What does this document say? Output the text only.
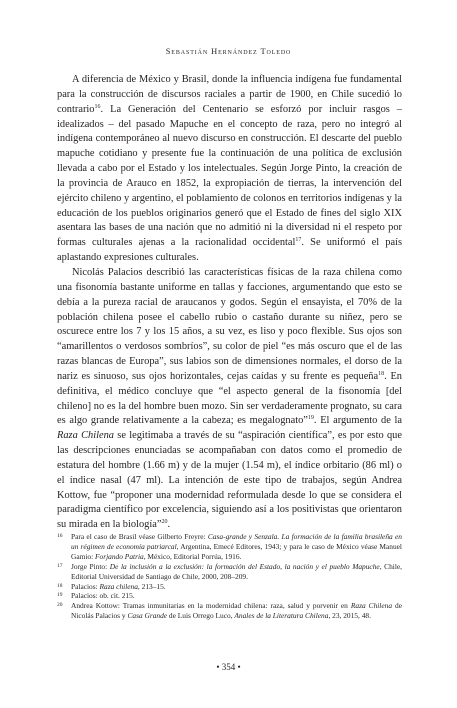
Sebastián Hernández Toledo

A diferencia de México y Brasil, donde la influencia indígena fue fundamental para la construcción de discursos raciales a partir de 1900, en Chile sucedió lo contrario$^{16}$. La Generación del Centenario se esforzó por incluir rasgos – idealizados – del pasado Mapuche en el concepto de raza, pero no integró al indígena contemporáneo al nuevo discurso en construcción. El descarte del pueblo mapuche cotidiano y presente fue la continuación de una política de exclusión llevada a cabo por el Estado y los intelectuales. Según Jorge Pinto, la creación de la provincia de Arauco en 1852, la expropiación de tierras, la intervención del ejército chileno y argentino, el poblamiento de colonos en territorios indígenas y la educación de los pueblos originarios generó que el Estado de fines del siglo XIX asentara las bases de una nación que no admitió ni la diversidad ni el respeto por formas culturales ajenas a la racionalidad occidental$^{17}$. Se uniformó el país aplastando expresiones culturales.

Nicolás Palacios describió las características físicas de la raza chilena como una fisonomía bastante uniforme en tallas y facciones, argumentando que esto se debía a la pureza racial de araucanos y godos. Según el ensayista, el 70% de la población chilena posee el cabello rubio o castaño durante su niñez, pero se oscurece entre los 7 y los 15 años, a su vez, es liso y poco flexible. Sus ojos son “amarillentos o verdosos sombríos”, su color de piel “es más oscuro que el de las razas blancas de Europa”, sus labios son de dimensiones normales, el dorso de la nariz es sinuoso, sus ojos horizontales, cejas caídas y su frente es pequeña$^{18}$. En definitiva, el médico concluye que “el aspecto general de la fisonomía [del chileno] no es la del hombre buen mozo. Sin ser verdaderamente prognato, su cara es algo grande relativamente a la cabeza; es megalognato”$^{19}$. El argumento de la Raza Chilena se legitimaba a través de su “aspiración científica”, es por esto que las descripciones enunciadas se acompañaban con datos como el promedio de estatura del hombre (1.66 m) y de la mujer (1.54 m), el índice orbitario (86 ml) o el índice nasal (47 ml). La intención de este tipo de trabajos, según Andrea Kottow, fue “proponer una modernidad reformulada desde lo que se considera el paradigma científico por excelencia, siguiendo así a los positivistas que orientaron su mirada en la biología”$^{20}$.

16 Para el caso de Brasil véase Gilberto Freyre: Casa-grande y Senzala. La formación de la familia brasileña en un régimen de economía patriarcal, Argentina, Emecé Editores, 1943; y para le caso de México véase Manuel Gamio: Forjando Patria, México, Editorial Porrúa, 1916.
17 Jorge Pinto: De la inclusión a la exclusión: la formación del Estado, la nación y el pueblo Mapuche, Chile, Editorial Universidad de Santiago de Chile, 2000, 208–209.
18 Palacios: Raza chilena, 213–15.
19 Palacios: ob. cit. 215.
20 Andrea Kottow: Tramas inmunitarias en la modernidad chilena: raza, salud y porvenir en Raza Chilena de Nicolás Palacios y Casa Grande de Luis Orrego Luco, Anales de la Literatura Chilena, 23, 2015, 48.
• 354 •
